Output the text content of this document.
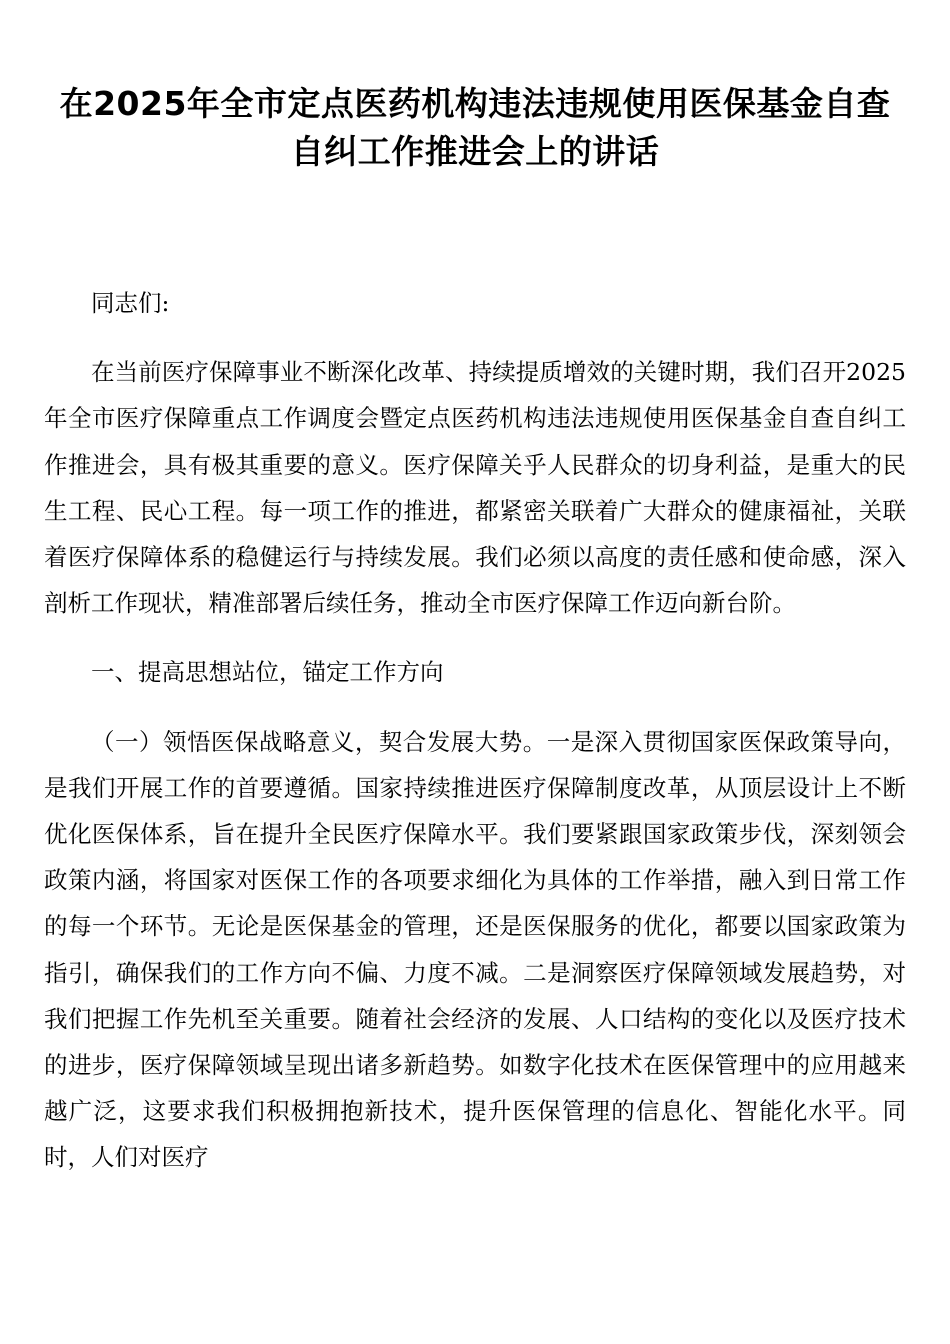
在2025年全市定点医药机构违法违规使用医保基金自查
自纠工作推进会上的讲话

同志们:

在当前医疗保障事业不断深化改革、持续提质增效的关键时期，我们召开2025年全市医疗保障重点工作调度会暨定点医药机构违法违规使用医保基金自查自纠工作推进会，具有极其重要的意义。医疗保障关乎人民群众的切身利益，是重大的民生工程、民心工程。每一项工作的推进，都紧密关联着广大群众的健康福祉，关联着医疗保障体系的稳健运行与持续发展。我们必须以高度的责任感和使命感，深入剖析工作现状，精准部署后续任务，推动全市医疗保障工作迈向新台阶。

一、提高思想站位，锚定工作方向

（一）领悟医保战略意义，契合发展大势。一是深入贯彻国家医保政策导向，是我们开展工作的首要遵循。国家持续推进医疗保障制度改革，从顶层设计上不断优化医保体系，旨在提升全民医疗保障水平。我们要紧跟国家政策步伐，深刻领会政策内涵，将国家对医保工作的各项要求细化为具体的工作举措，融入到日常工作的每一个环节。无论是医保基金的管理，还是医保服务的优化，都要以国家政策为指引，确保我们的工作方向不偏、力度不减。二是洞察医疗保障领域发展趋势，对我们把握工作先机至关重要。随着社会经济的发展、人口结构的变化以及医疗技术的进步，医疗保障领域呈现出诸多新趋势。如数字化技术在医保管理中的应用越来越广泛，这要求我们积极拥抱新技术，提升医保管理的信息化、智能化水平。同时，人们对医疗
